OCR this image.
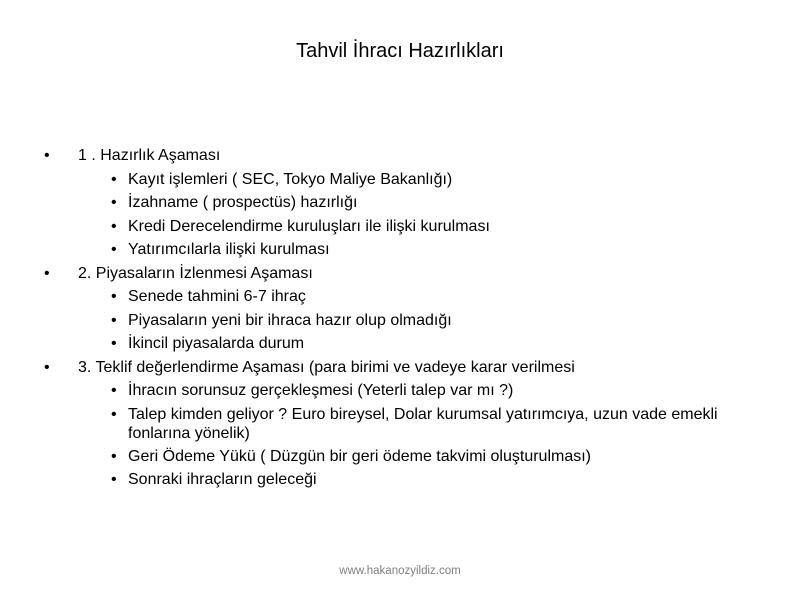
Tahvil İhracı Hazırlıkları
• 1 . Hazırlık Aşaması
• Kayıt işlemleri ( SEC, Tokyo Maliye Bakanlığı)
• İzahname ( prospectüs) hazırlığı
• Kredi Derecelendirme kuruluşları ile ilişki kurulması
• Yatırımcılarla ilişki kurulması
• 2. Piyasaların İzlenmesi Aşaması
• Senede tahmini 6-7 ihraç
• Piyasaların yeni bir ihraca hazır olup olmadığı
• İkincil piyasalarda durum
• 3. Teklif değerlendirme Aşaması (para birimi ve vadeye karar verilmesi
• İhracın sorunsuz gerçekleşmesi (Yeterli talep var mı ?)
• Talep kimden geliyor ? Euro bireysel, Dolar kurumsal yatırımcıya, uzun vade emekli fonlarına yönelik)
• Geri Ödeme Yükü ( Düzgün bir geri ödeme takvimi oluşturulması)
• Sonraki ihraçların geleceği
www.hakanozyildiz.com
